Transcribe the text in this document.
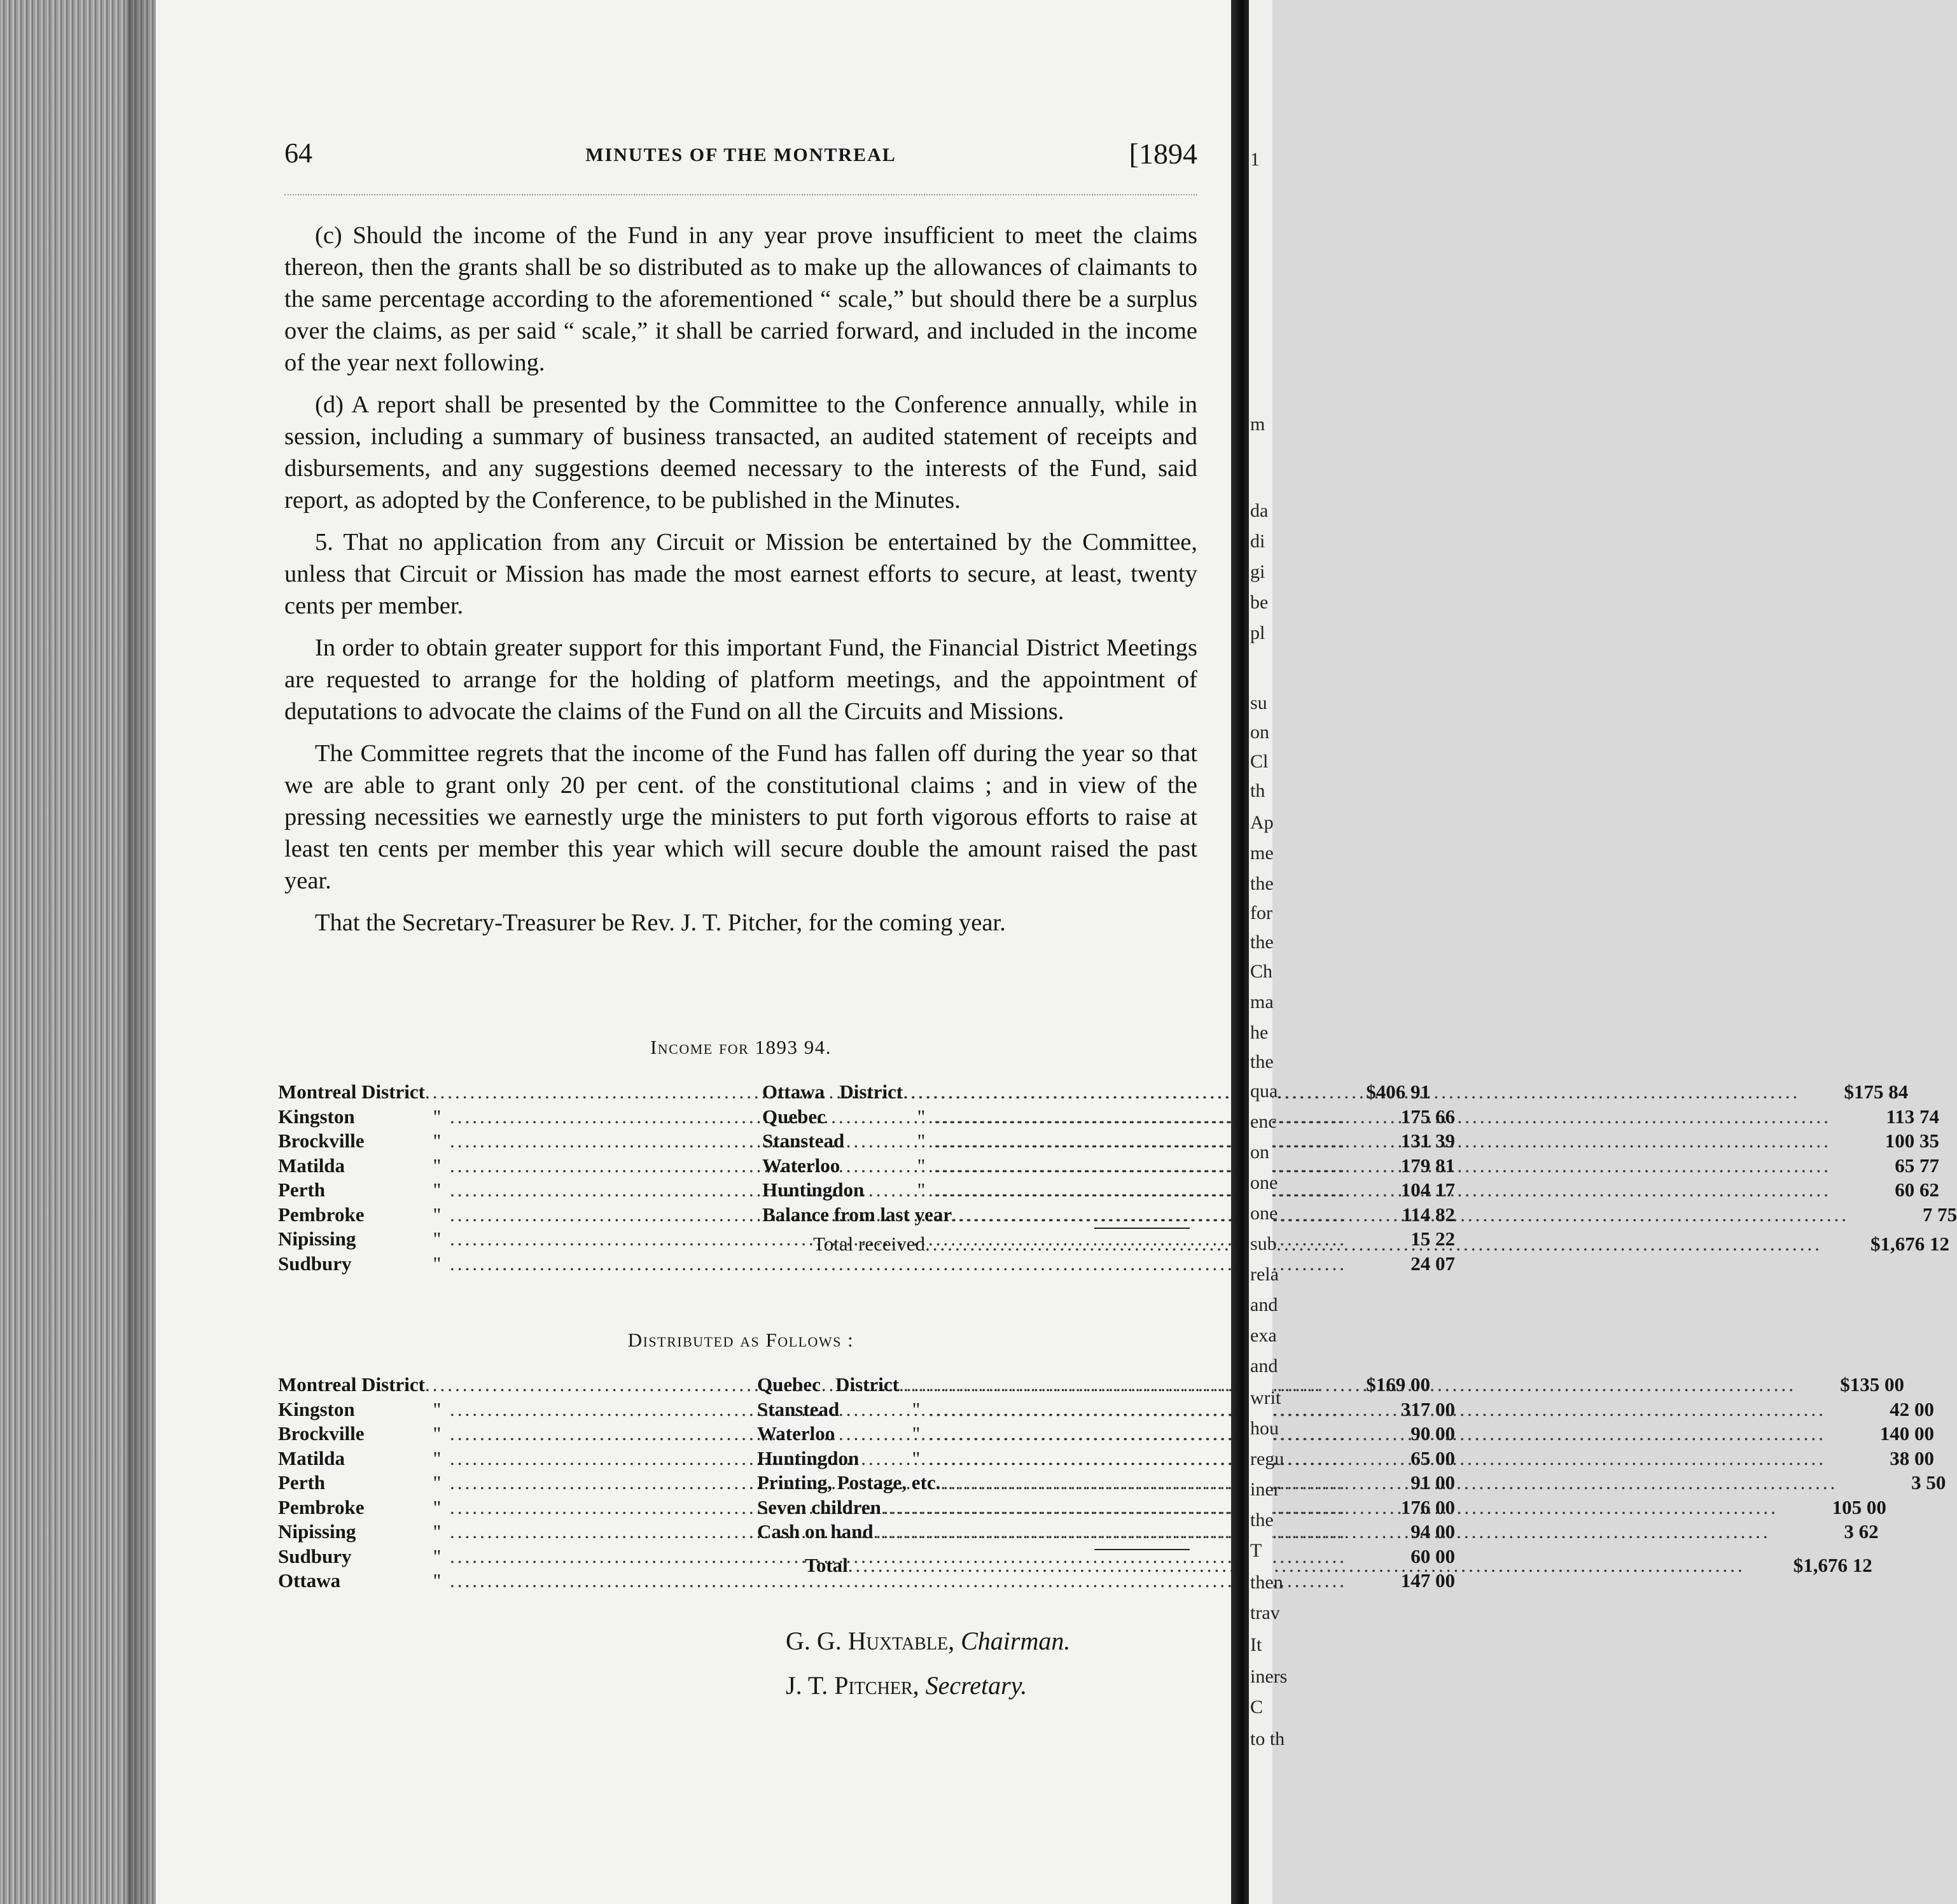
64	MINUTES OF THE MONTREAL	[1894

(c) Should the income of the Fund in any year prove insufficient to meet the claims thereon, then the grants shall be so distributed as to make up the allowances of claimants to the same percentage according to the aforementioned “ scale,” but should there be a surplus over the claims, as per said “ scale,” it shall be carried forward, and included in the income of the year next following.

(d) A report shall be presented by the Committee to the Conference annually, while in session, including a summary of business transacted, an audited statement of receipts and disbursements, and any suggestions deemed necessary to the interests of the Fund, said report, as adopted by the Conference, to be published in the Minutes.

5. That no application from any Circuit or Mission be entertained by the Committee, unless that Circuit or Mission has made the most earnest efforts to secure, at least, twenty cents per member.

In order to obtain greater support for this important Fund, the Financial District Meetings are requested to arrange for the holding of platform meetings, and the appointment of deputations to advocate the claims of the Fund on all the Circuits and Missions.

The Committee regrets that the income of the Fund has fallen off during the year so that we are able to grant only 20 per cent. of the constitutional claims ; and in view of the pressing necessities we earnestly urge the ministers to put forth vigorous efforts to raise at least ten cents per member this year which will secure double the amount raised the past year.

That the Secretary-Treasurer be Rev. J. T. Pitcher, for the coming year.

Income for 1893 94.
Montreal District .....	$406 91
Kingston	" .....	175 66
Brockville	" .....	131 39
Matilda	" .....	179 81
Perth	" .....	104 17
Pembroke	" .....	114 82
Nipissing	" .....	15 22
Sudbury	" .....	24 07
Ottawa   District .....	$175 84
Quebec	" .....	113 74
Stanstead	" .....	100 35
Waterloo	" .....	65 77
Huntingdon	" .....	60 62
Balance from last year .....	7 75
Total received .....	$1,676 12
Distributed as Follows :
Montreal District .....	$169 00
Kingston	" .....	317 00
Brockville	" .....	90 00
Matilda	" .....	65 00
Perth	" .....	91 00
Pembroke	" .....	176 00
Nipissing	" .....	94 00
Sudbury	" .....	60 00
Ottawa	" .....	147 00
Quebec   District .....	$135 00
Stanstead	" .....	42 00
Waterloo	" .....	140 00
Huntingdon	" .....	38 00
Printing, Postage, etc. .....	3 50
Seven children .....	105 00
Cash on hand .....	3 62
Total .....	$1,676 12
G. G. Huxtable, Chairman.
J. T. Pitcher, Secretary.
1
m
da
di
gi
be
pl
su
on
Cl
th
Ap
me
the
for
the
Ch
ma
he
the
qua
enc
on
one
one
sub
rela
and
exa
and
writ
hou
regu
iner
the
T
then
trav
It
iners
C
to th
